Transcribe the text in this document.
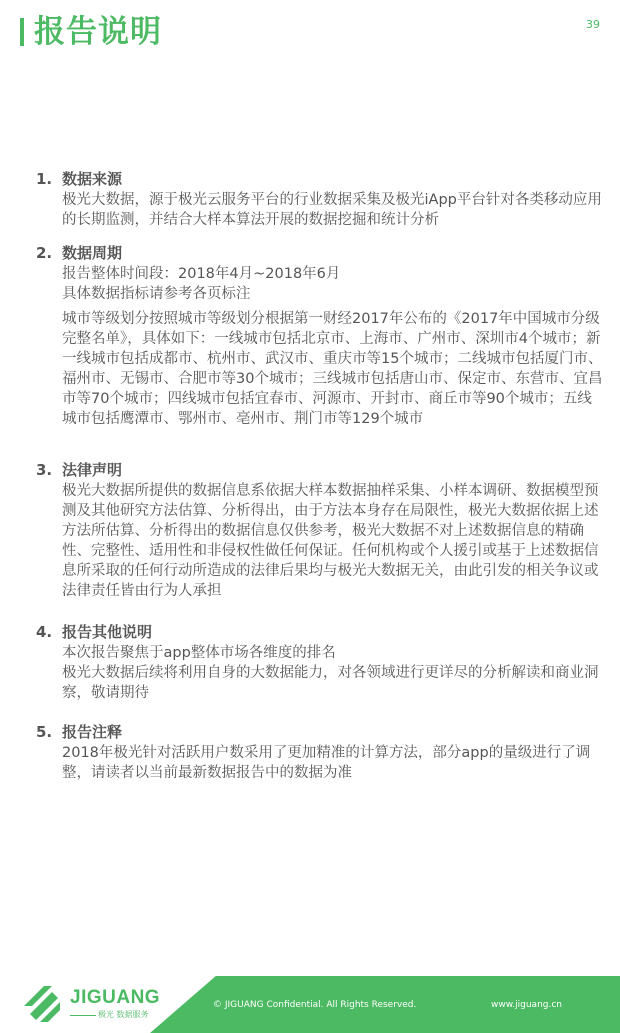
报告说明	39
1. 数据来源

极光大数据，源于极光云服务平台的行业数据采集及极光iApp平台针对各类移动应用的长期监测，并结合大样本算法开展的数据挖掘和统计分析

2. 数据周期

报告整体时间段：2018年4月~2018年6月

具体数据指标请参考各页标注

城市等级划分按照城市等级划分根据第一财经2017年公布的《2017年中国城市分级完整名单》，具体如下：一线城市包括北京市、上海市、广州市、深圳市4个城市；新一线城市包括成都市、杭州市、武汉市、重庆市等15个城市；二线城市包括厦门市、福州市、无锡市、合肥市等30个城市；三线城市包括唐山市、保定市、东营市、宜昌市等70个城市；四线城市包括宜春市、河源市、开封市、商丘市等90个城市；五线城市包括鹰潭市、鄂州市、亳州市、荆门市等129个城市

3. 法律声明

极光大数据所提供的数据信息系依据大样本数据抽样采集、小样本调研、数据模型预测及其他研究方法估算、分析得出，由于方法本身存在局限性，极光大数据依据上述方法所估算、分析得出的数据信息仅供参考，极光大数据不对上述数据信息的精确性、完整性、适用性和非侵权性做任何保证。任何机构或个人援引或基于上述数据信息所采取的任何行动所造成的法律后果均与极光大数据无关，由此引发的相关争议或法律责任皆由行为人承担

4. 报告其他说明

本次报告聚焦于app整体市场各维度的排名

极光大数据后续将利用自身的大数据能力，对各领域进行更详尽的分析解读和商业洞察，敬请期待

5. 报告注释

2018年极光针对活跃用户数采用了更加精准的计算方法，部分app的量级进行了调整，请读者以当前最新数据报告中的数据为准

JIGUANG
极光 数据服务
© JIGUANG Confidential. All Rights Reserved.	www.jiguang.cn
